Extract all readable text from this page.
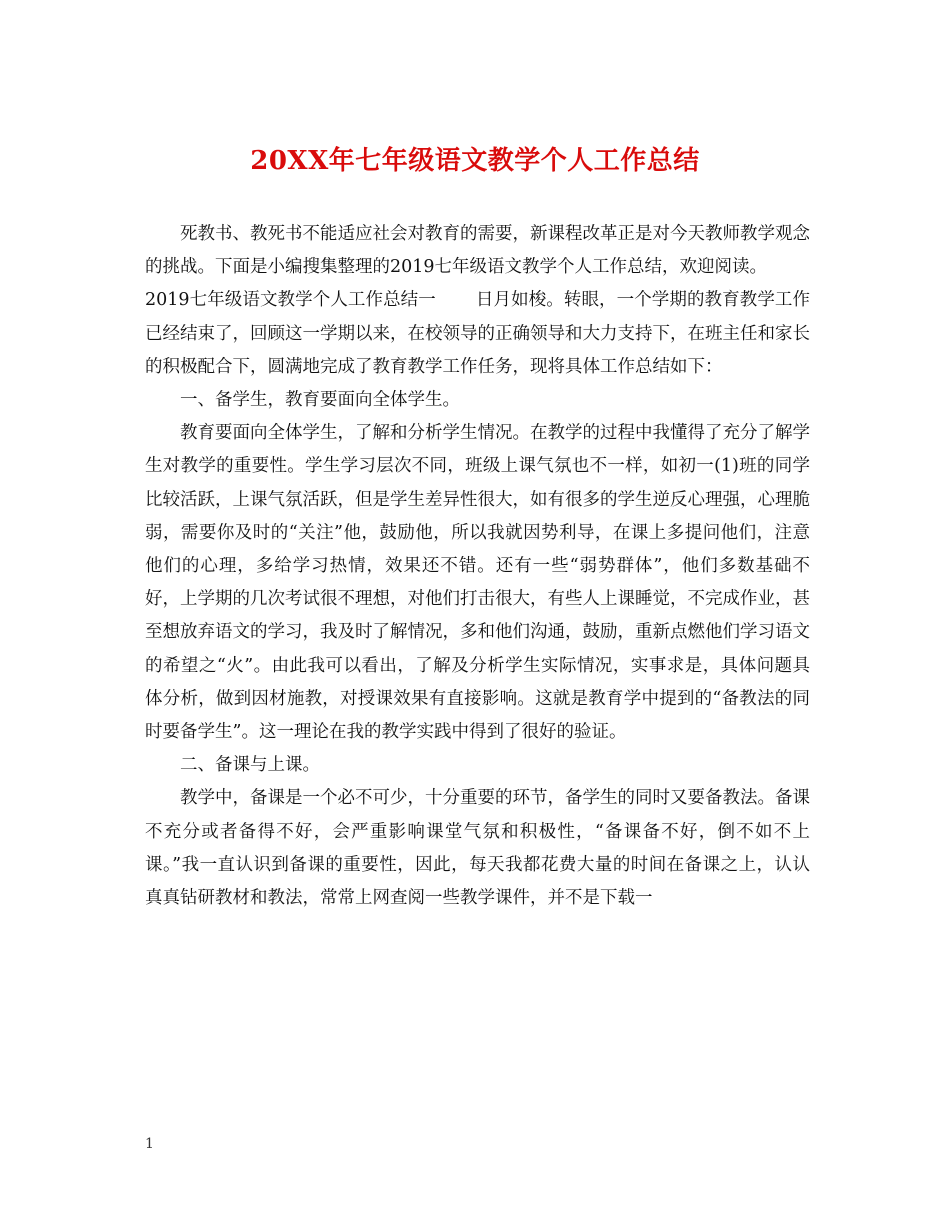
20XX年七年级语文教学个人工作总结

死教书、教死书不能适应社会对教育的需要，新课程改革正是对今天教师教学观念的挑战。下面是小编搜集整理的2019七年级语文教学个人工作总结，欢迎阅读。

2019七年级语文教学个人工作总结一 日月如梭。转眼，一个学期的教育教学工作已经结束了，回顾这一学期以来，在校领导的正确领导和大力支持下，在班主任和家长的积极配合下，圆满地完成了教育教学工作任务，现将具体工作总结如下：

一、备学生，教育要面向全体学生。

教育要面向全体学生，了解和分析学生情况。在教学的过程中我懂得了充分了解学生对教学的重要性。学生学习层次不同，班级上课气氛也不一样，如初一(1)班的同学比较活跃，上课气氛活跃，但是学生差异性很大，如有很多的学生逆反心理强，心理脆弱，需要你及时的“关注”他，鼓励他，所以我就因势利导，在课上多提问他们，注意他们的心理，多给学习热情，效果还不错。还有一些“弱势群体”，他们多数基础不好，上学期的几次考试很不理想，对他们打击很大，有些人上课睡觉，不完成作业，甚至想放弃语文的学习，我及时了解情况，多和他们沟通，鼓励，重新点燃他们学习语文的希望之“火”。由此我可以看出，了解及分析学生实际情况，实事求是，具体问题具体分析，做到因材施教，对授课效果有直接影响。这就是教育学中提到的“备教法的同时要备学生”。这一理论在我的教学实践中得到了很好的验证。

二、备课与上课。

教学中，备课是一个必不可少，十分重要的环节，备学生的同时又要备教法。备课不充分或者备得不好，会严重影响课堂气氛和积极性，“备课备不好，倒不如不上课。”我一直认识到备课的重要性，因此，每天我都花费大量的时间在备课之上，认认真真钻研教材和教法，常常上网查阅一些教学课件，并不是下载一

1
